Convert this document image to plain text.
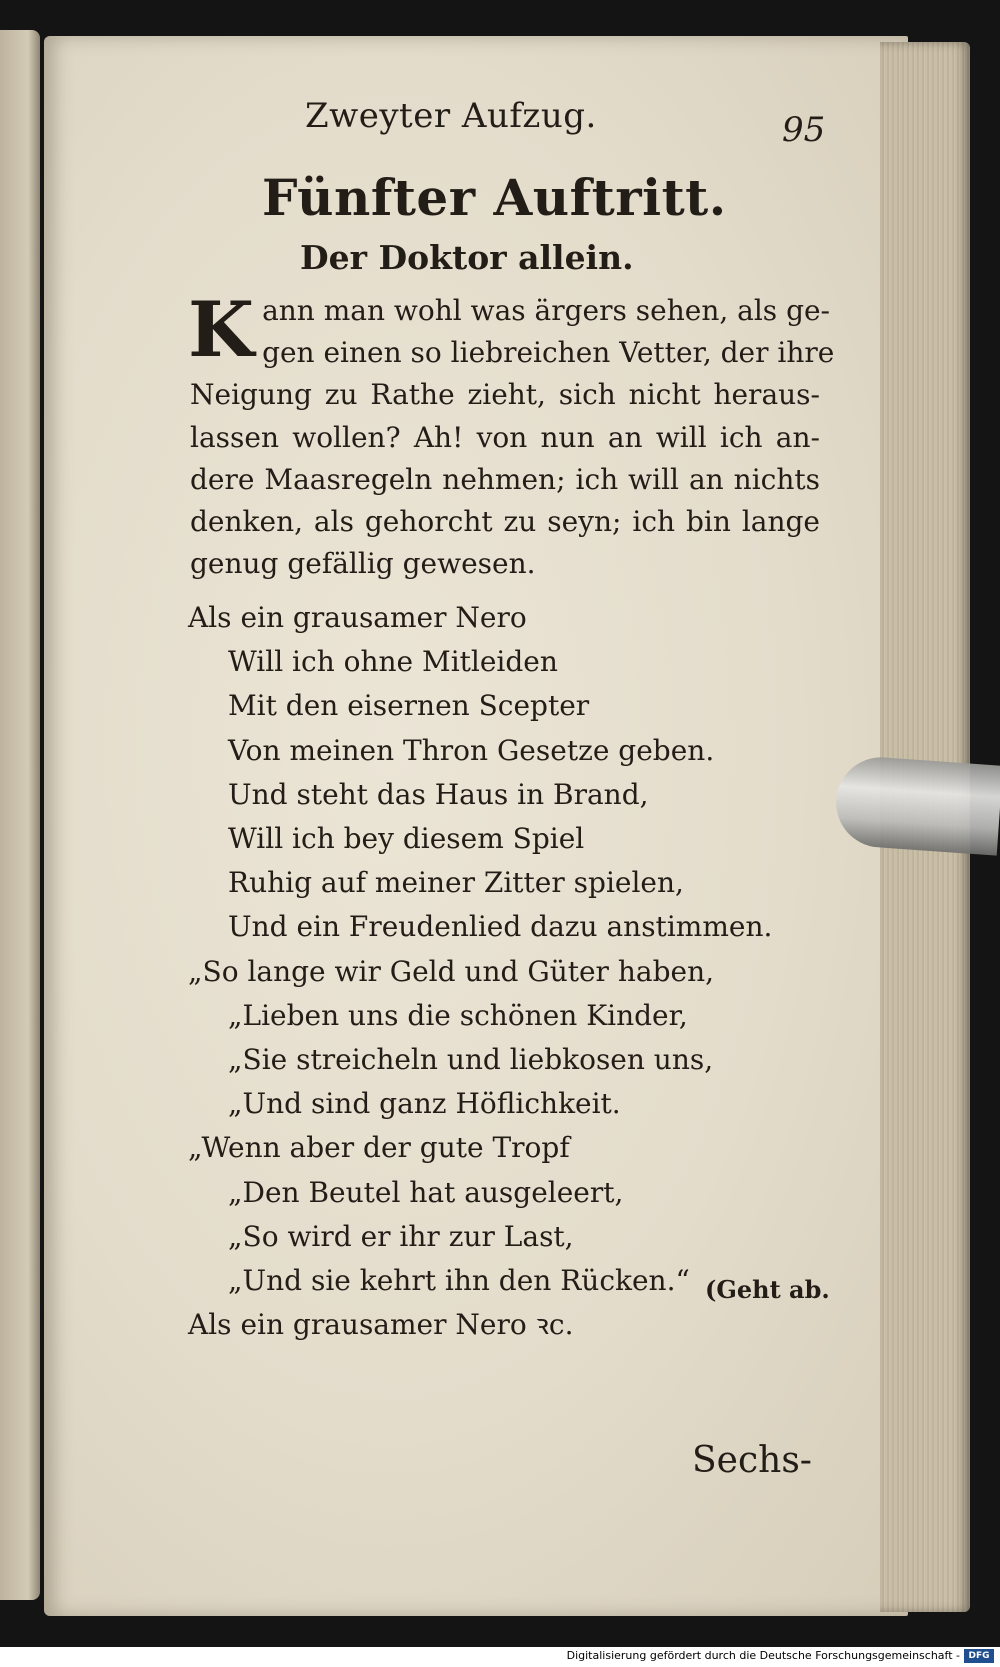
Zweyter Aufzug.	95
Fünfter Auftritt.
Der Doktor allein.
K ann man wohl was ärgers sehen, als ge-
gen einen so liebreichen Vetter, der ihre
Neigung zu Rathe zieht, sich nicht heraus-
lassen wollen? Ah! von nun an will ich an-
dere Maasregeln nehmen; ich will an nichts
denken, als gehorcht zu seyn; ich bin lange
genug gefällig gewesen.
Als ein grausamer Nero
Will ich ohne Mitleiden
Mit den eisernen Scepter
Von meinen Thron Gesetze geben.
Und steht das Haus in Brand,
Will ich bey diesem Spiel
Ruhig auf meiner Zitter spielen,
Und ein Freudenlied dazu anstimmen.
„So lange wir Geld und Güter haben,
„Lieben uns die schönen Kinder,
„Sie streicheln und liebkosen uns,
„Und sind ganz Höflichkeit.
„Wenn aber der gute Tropf
„Den Beutel hat ausgeleert,
„So wird er ihr zur Last,
„Und sie kehrt ihn den Rücken.“
Als ein grausamer Nero ꝛc.
(Geht ab.
Sechs-
Digitalisierung gefördert durch die Deutsche Forschungsgemeinschaft - DFG
